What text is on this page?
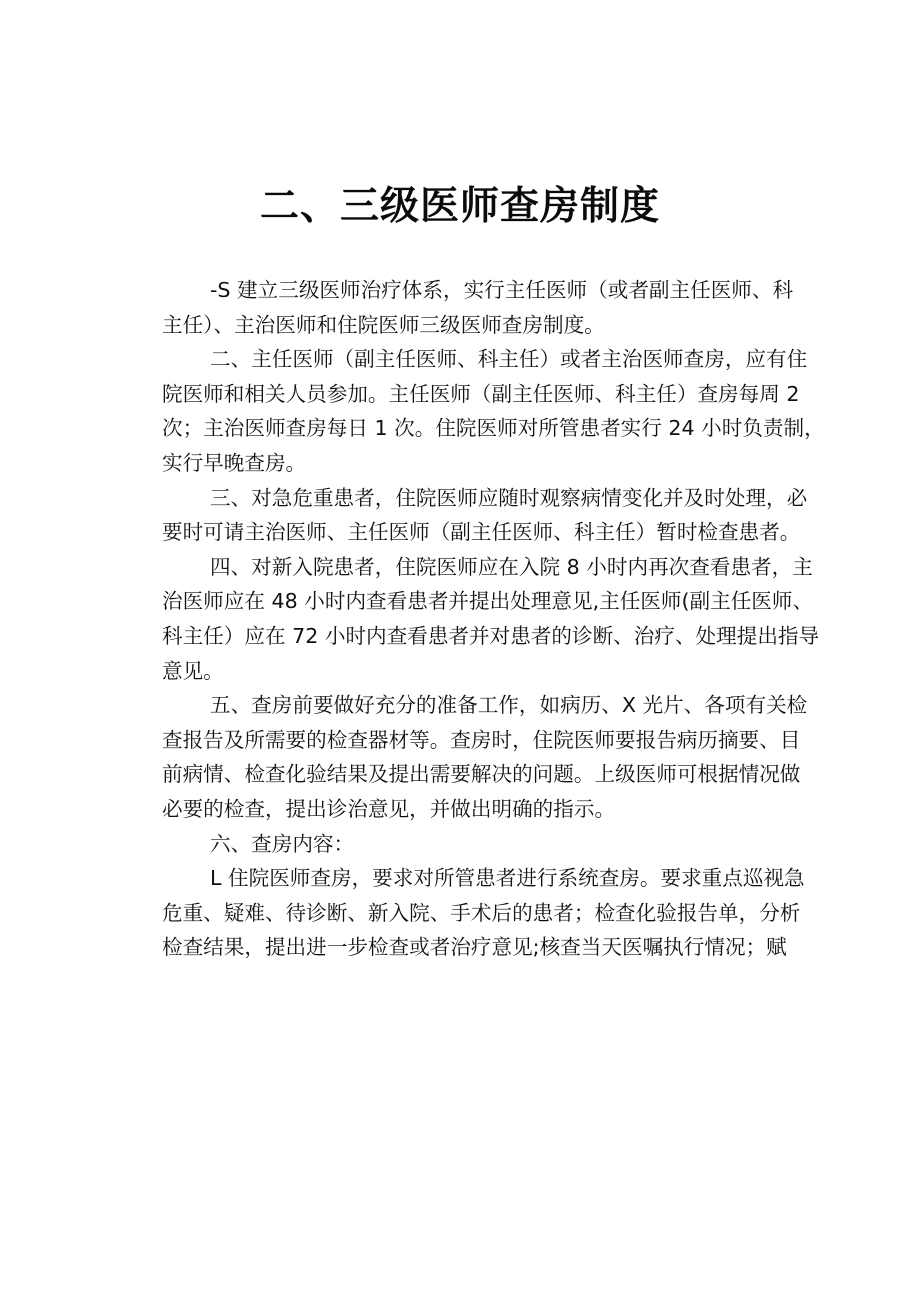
二、三级医师查房制度
-S 建立三级医师治疗体系，实行主任医师（或者副主任医师、科
主任）、主治医师和住院医师三级医师查房制度。
二、主任医师（副主任医师、科主任）或者主治医师查房，应有住
院医师和相关人员参加。主任医师（副主任医师、科主任）查房每周 2
次；主治医师查房每日 1 次。住院医师对所管患者实行 24 小时负责制，
实行早晚查房。
三、对急危重患者，住院医师应随时观察病情变化并及时处理，必
要时可请主治医师、主任医师（副主任医师、科主任）暂时检查患者。
四、对新入院患者，住院医师应在入院 8 小时内再次查看患者，主
治医师应在 48 小时内查看患者并提出处理意见,主任医师(副主任医师、
科主任）应在 72 小时内查看患者并对患者的诊断、治疗、处理提出指导
意见。
五、查房前要做好充分的准备工作，如病历、X 光片、各项有关检
查报告及所需要的检查器材等。查房时，住院医师要报告病历摘要、目
前病情、检查化验结果及提出需要解决的问题。上级医师可根据情况做
必要的检查，提出诊治意见，并做出明确的指示。
六、查房内容：
L 住院医师查房，要求对所管患者进行系统查房。要求重点巡视急
危重、疑难、待诊断、新入院、手术后的患者；检查化验报告单，分析
检查结果，提出进一步检查或者治疗意见;核查当天医嘱执行情况；赋
